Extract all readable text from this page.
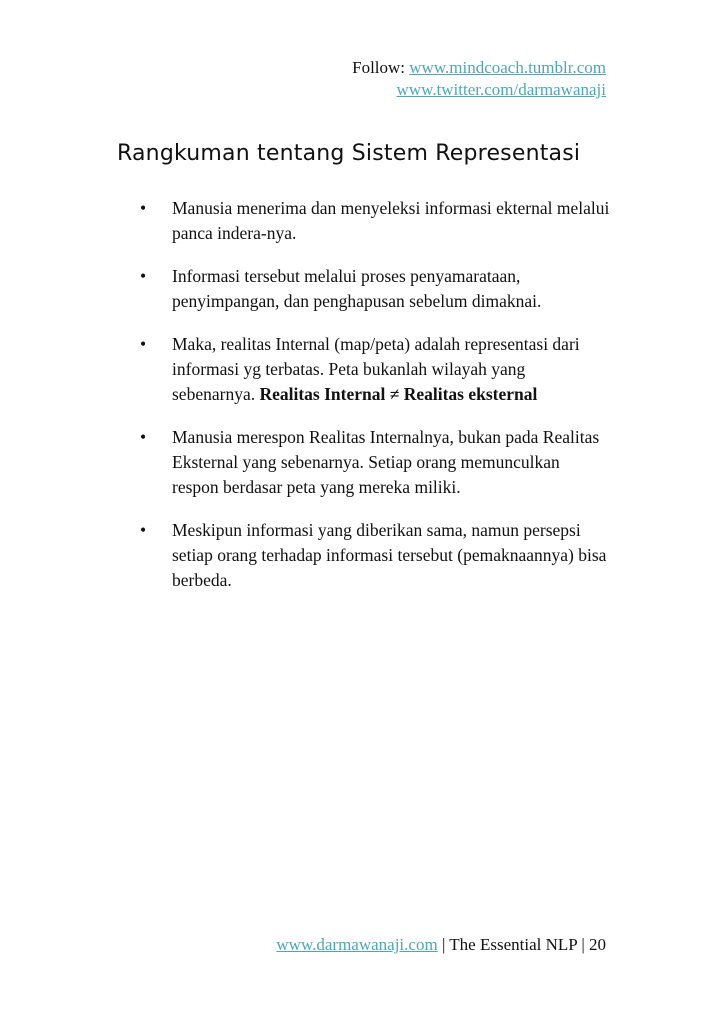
Follow: www.mindcoach.tumblr.com
www.twitter.com/darmawanaji
Rangkuman tentang Sistem Representasi
•	Manusia menerima dan menyeleksi informasi ekternal melalui panca indera-nya.
•	Informasi tersebut melalui proses penyamarataan, penyimpangan, dan penghapusan sebelum dimaknai.
•	Maka, realitas Internal (map/peta) adalah representasi dari informasi yg terbatas. Peta bukanlah wilayah yang sebenarnya. Realitas Internal ≠ Realitas eksternal
•	Manusia merespon Realitas Internalnya, bukan pada Realitas Eksternal yang sebenarnya. Setiap orang memunculkan respon berdasar peta yang mereka miliki.
•	Meskipun informasi yang diberikan sama, namun persepsi setiap orang terhadap informasi tersebut (pemaknaannya) bisa berbeda.
www.darmawanaji.com | The Essential NLP | 20
